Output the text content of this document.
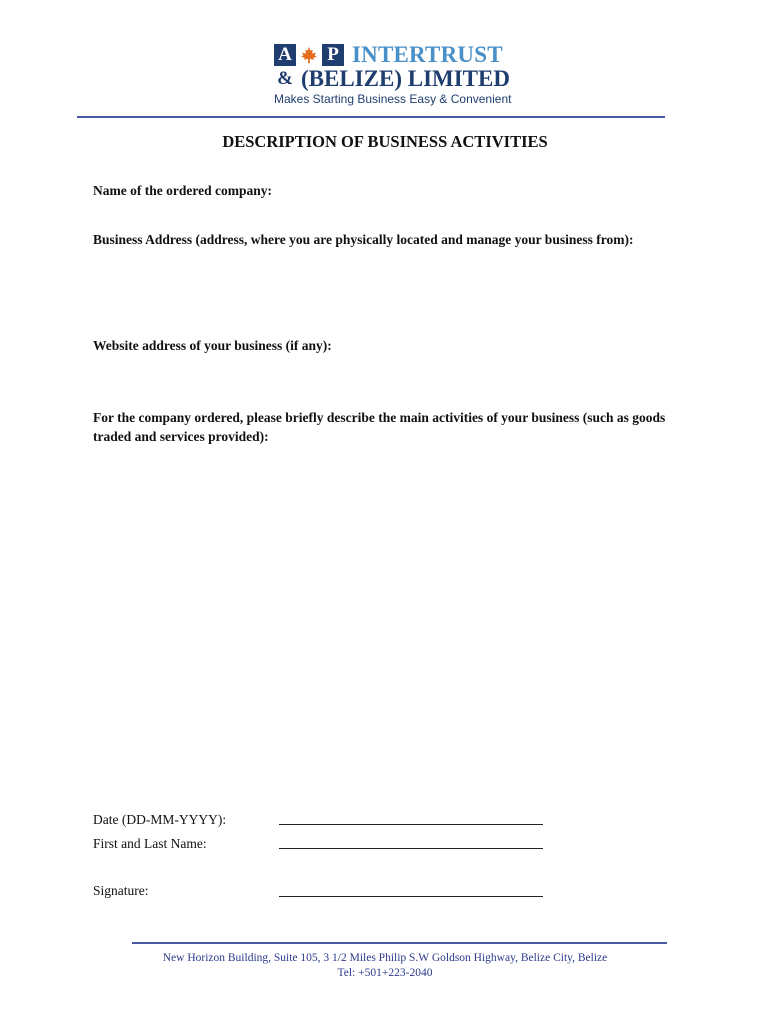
A P
&
INTERTRUST
(BELIZE) LIMITED
Makes Starting Business Easy & Convenient
DESCRIPTION OF BUSINESS ACTIVITIES
Name of the ordered company:
Business Address (address, where you are physically located and manage your business from):
Website address of your business (if any):
For the company ordered, please briefly describe the main activities of your business (such as goods traded and services provided):
Date (DD-MM-YYYY):
First and Last Name:
Signature:
New Horizon Building, Suite 105, 3 1/2 Miles Philip S.W Goldson Highway, Belize City, Belize
Tel: +501+223-2040
